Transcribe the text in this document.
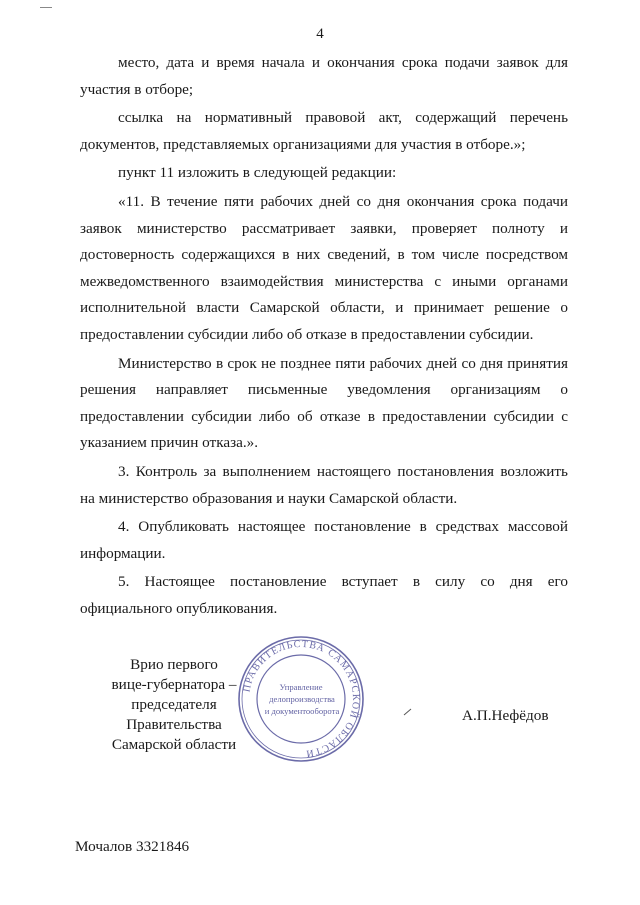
4

место, дата и время начала и окончания срока подачи заявок для участия в отборе;

ссылка на нормативный правовой акт, содержащий перечень документов, представляемых организациями для участия в отборе.»;

пункт 11 изложить в следующей редакции:

«11. В течение пяти рабочих дней со дня окончания срока подачи заявок министерство рассматривает заявки, проверяет полноту и достоверность содержащихся в них сведений, в том числе посредством межведомственного взаимодействия министерства с иными органами исполнительной власти Самарской области, и принимает решение о предоставлении субсидии либо об отказе в предоставлении субсидии.

Министерство в срок не позднее пяти рабочих дней со дня принятия решения направляет письменные уведомления организациям о предоставлении субсидии либо об отказе в предоставлении субсидии с указанием причин отказа.».

3. Контроль за выполнением настоящего постановления возложить на министерство образования и науки Самарской области.

4. Опубликовать настоящее постановление в средствах массовой информации.

5. Настоящее постановление вступает в силу со дня его официального опубликования.

ПРАВИТЕЛЬСТВА САМАРСКОЙ ОБЛАСТИ
Управление
делопроизводства
и документооборота
Врио первого
вице-губернатора –
председателя Правительства
Самарской области
А.П.Нефёдов
Мочалов 3321846
